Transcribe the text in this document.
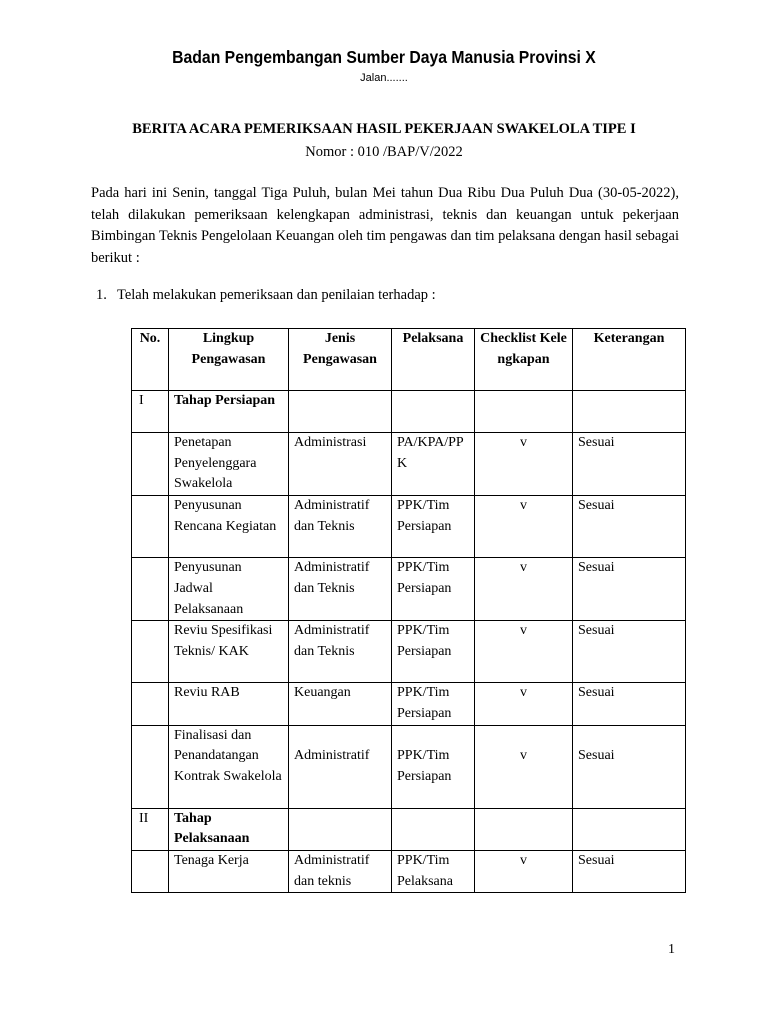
Badan Pengembangan Sumber Daya Manusia Provinsi X
Jalan.......
BERITA ACARA PEMERIKSAAN HASIL PEKERJAAN SWAKELOLA TIPE I
Nomor : 010 /BAP/V/2022

Pada hari ini Senin, tanggal Tiga Puluh, bulan Mei tahun Dua Ribu Dua Puluh Dua (30-05-2022), telah dilakukan pemeriksaan kelengkapan administrasi, teknis dan keuangan untuk pekerjaan Bimbingan Teknis Pengelolaan Keuangan oleh tim pengawas dan tim pelaksana dengan hasil sebagai berikut :

1. Telah melakukan pemeriksaan dan penilaian terhadap :
No.	Lingkup Pengawasan	Jenis Pengawasan	Pelaksana	Checklist Kelengkapan	Keterangan
I	Tahap Persiapan				
	Penetapan Penyelenggara Swakelola	Administrasi	PA/KPA/PPK	v	Sesuai
	Penyusunan Rencana Kegiatan	Administratif dan Teknis	PPK/Tim Persiapan	v	Sesuai
	Penyusunan Jadwal Pelaksanaan	Administratif dan Teknis	PPK/Tim Persiapan	v	Sesuai
	Reviu Spesifikasi Teknis/ KAK	Administratif dan Teknis	PPK/Tim Persiapan	v	Sesuai
	Reviu RAB	Keuangan	PPK/Tim Persiapan	v	Sesuai
	Finalisasi dan Penandatangan Kontrak Swakelola	Administratif	PPK/Tim Persiapan	v	Sesuai
II	Tahap Pelaksanaan				
	Tenaga Kerja	Administratif dan teknis	PPK/Tim Pelaksana	v	Sesuai
1
